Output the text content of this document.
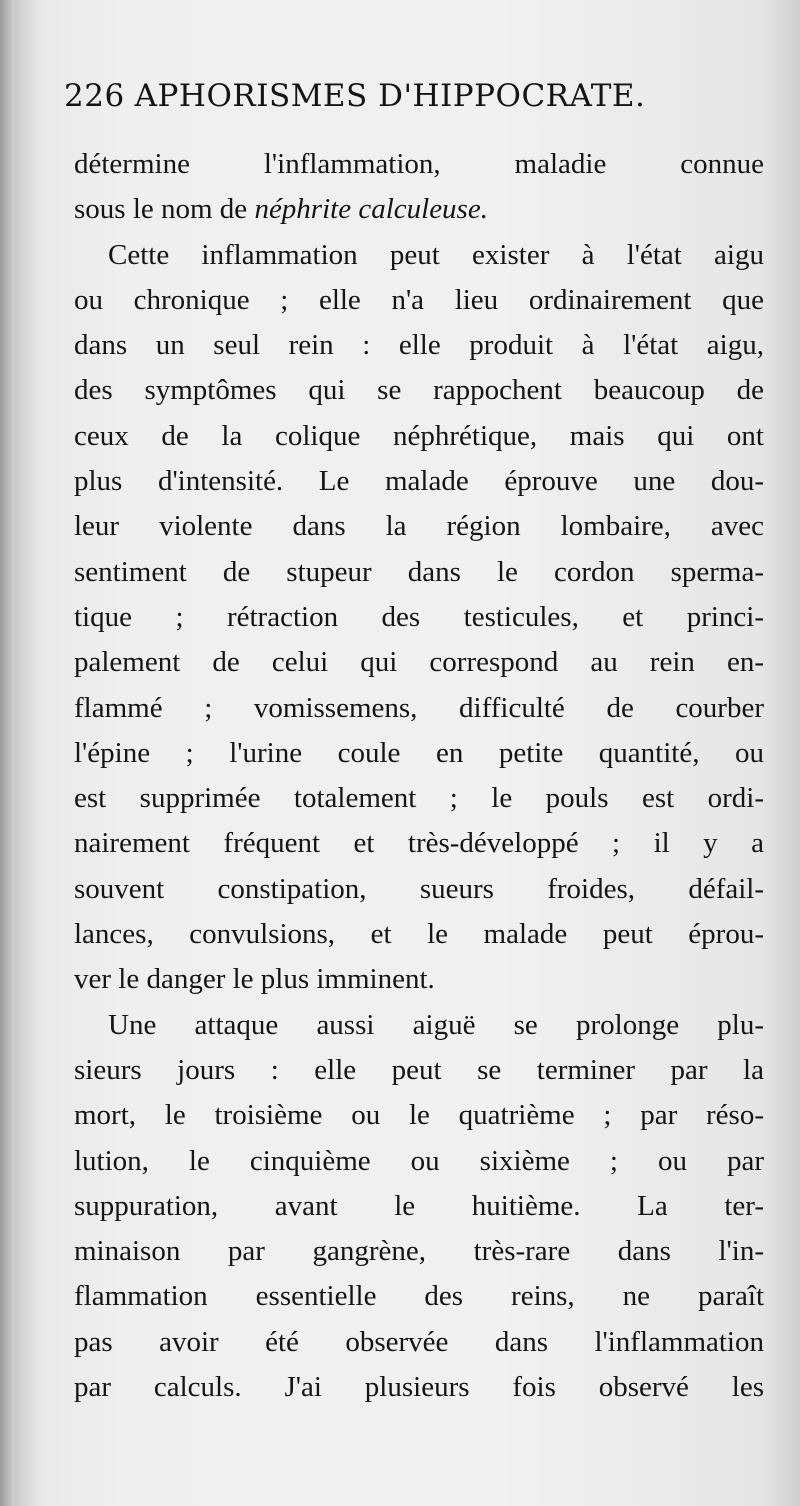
226 APHORISMES D'HIPPOCRATE.
détermine l'inflammation, maladie connue
sous le nom de néphrite calculeuse.
Cette inflammation peut exister à l'état aigu
ou chronique ; elle n'a lieu ordinairement que
dans un seul rein : elle produit à l'état aigu,
des symptômes qui se rappochent beaucoup de
ceux de la colique néphrétique, mais qui ont
plus d'intensité. Le malade éprouve une dou-
leur violente dans la région lombaire, avec
sentiment de stupeur dans le cordon sperma-
tique ; rétraction des testicules, et princi-
palement de celui qui correspond au rein en-
flammé ; vomissemens, difficulté de courber
l'épine ; l'urine coule en petite quantité, ou
est supprimée totalement ; le pouls est ordi-
nairement fréquent et très-développé ; il y a
souvent constipation, sueurs froides, défail-
lances, convulsions, et le malade peut éprou-
ver le danger le plus imminent.
Une attaque aussi aiguë se prolonge plu-
sieurs jours : elle peut se terminer par la
mort, le troisième ou le quatrième ; par réso-
lution, le cinquième ou sixième ; ou par
suppuration, avant le huitième. La ter-
minaison par gangrène, très-rare dans l'in-
flammation essentielle des reins, ne paraît
pas avoir été observée dans l'inflammation
par calculs. J'ai plusieurs fois observé les
